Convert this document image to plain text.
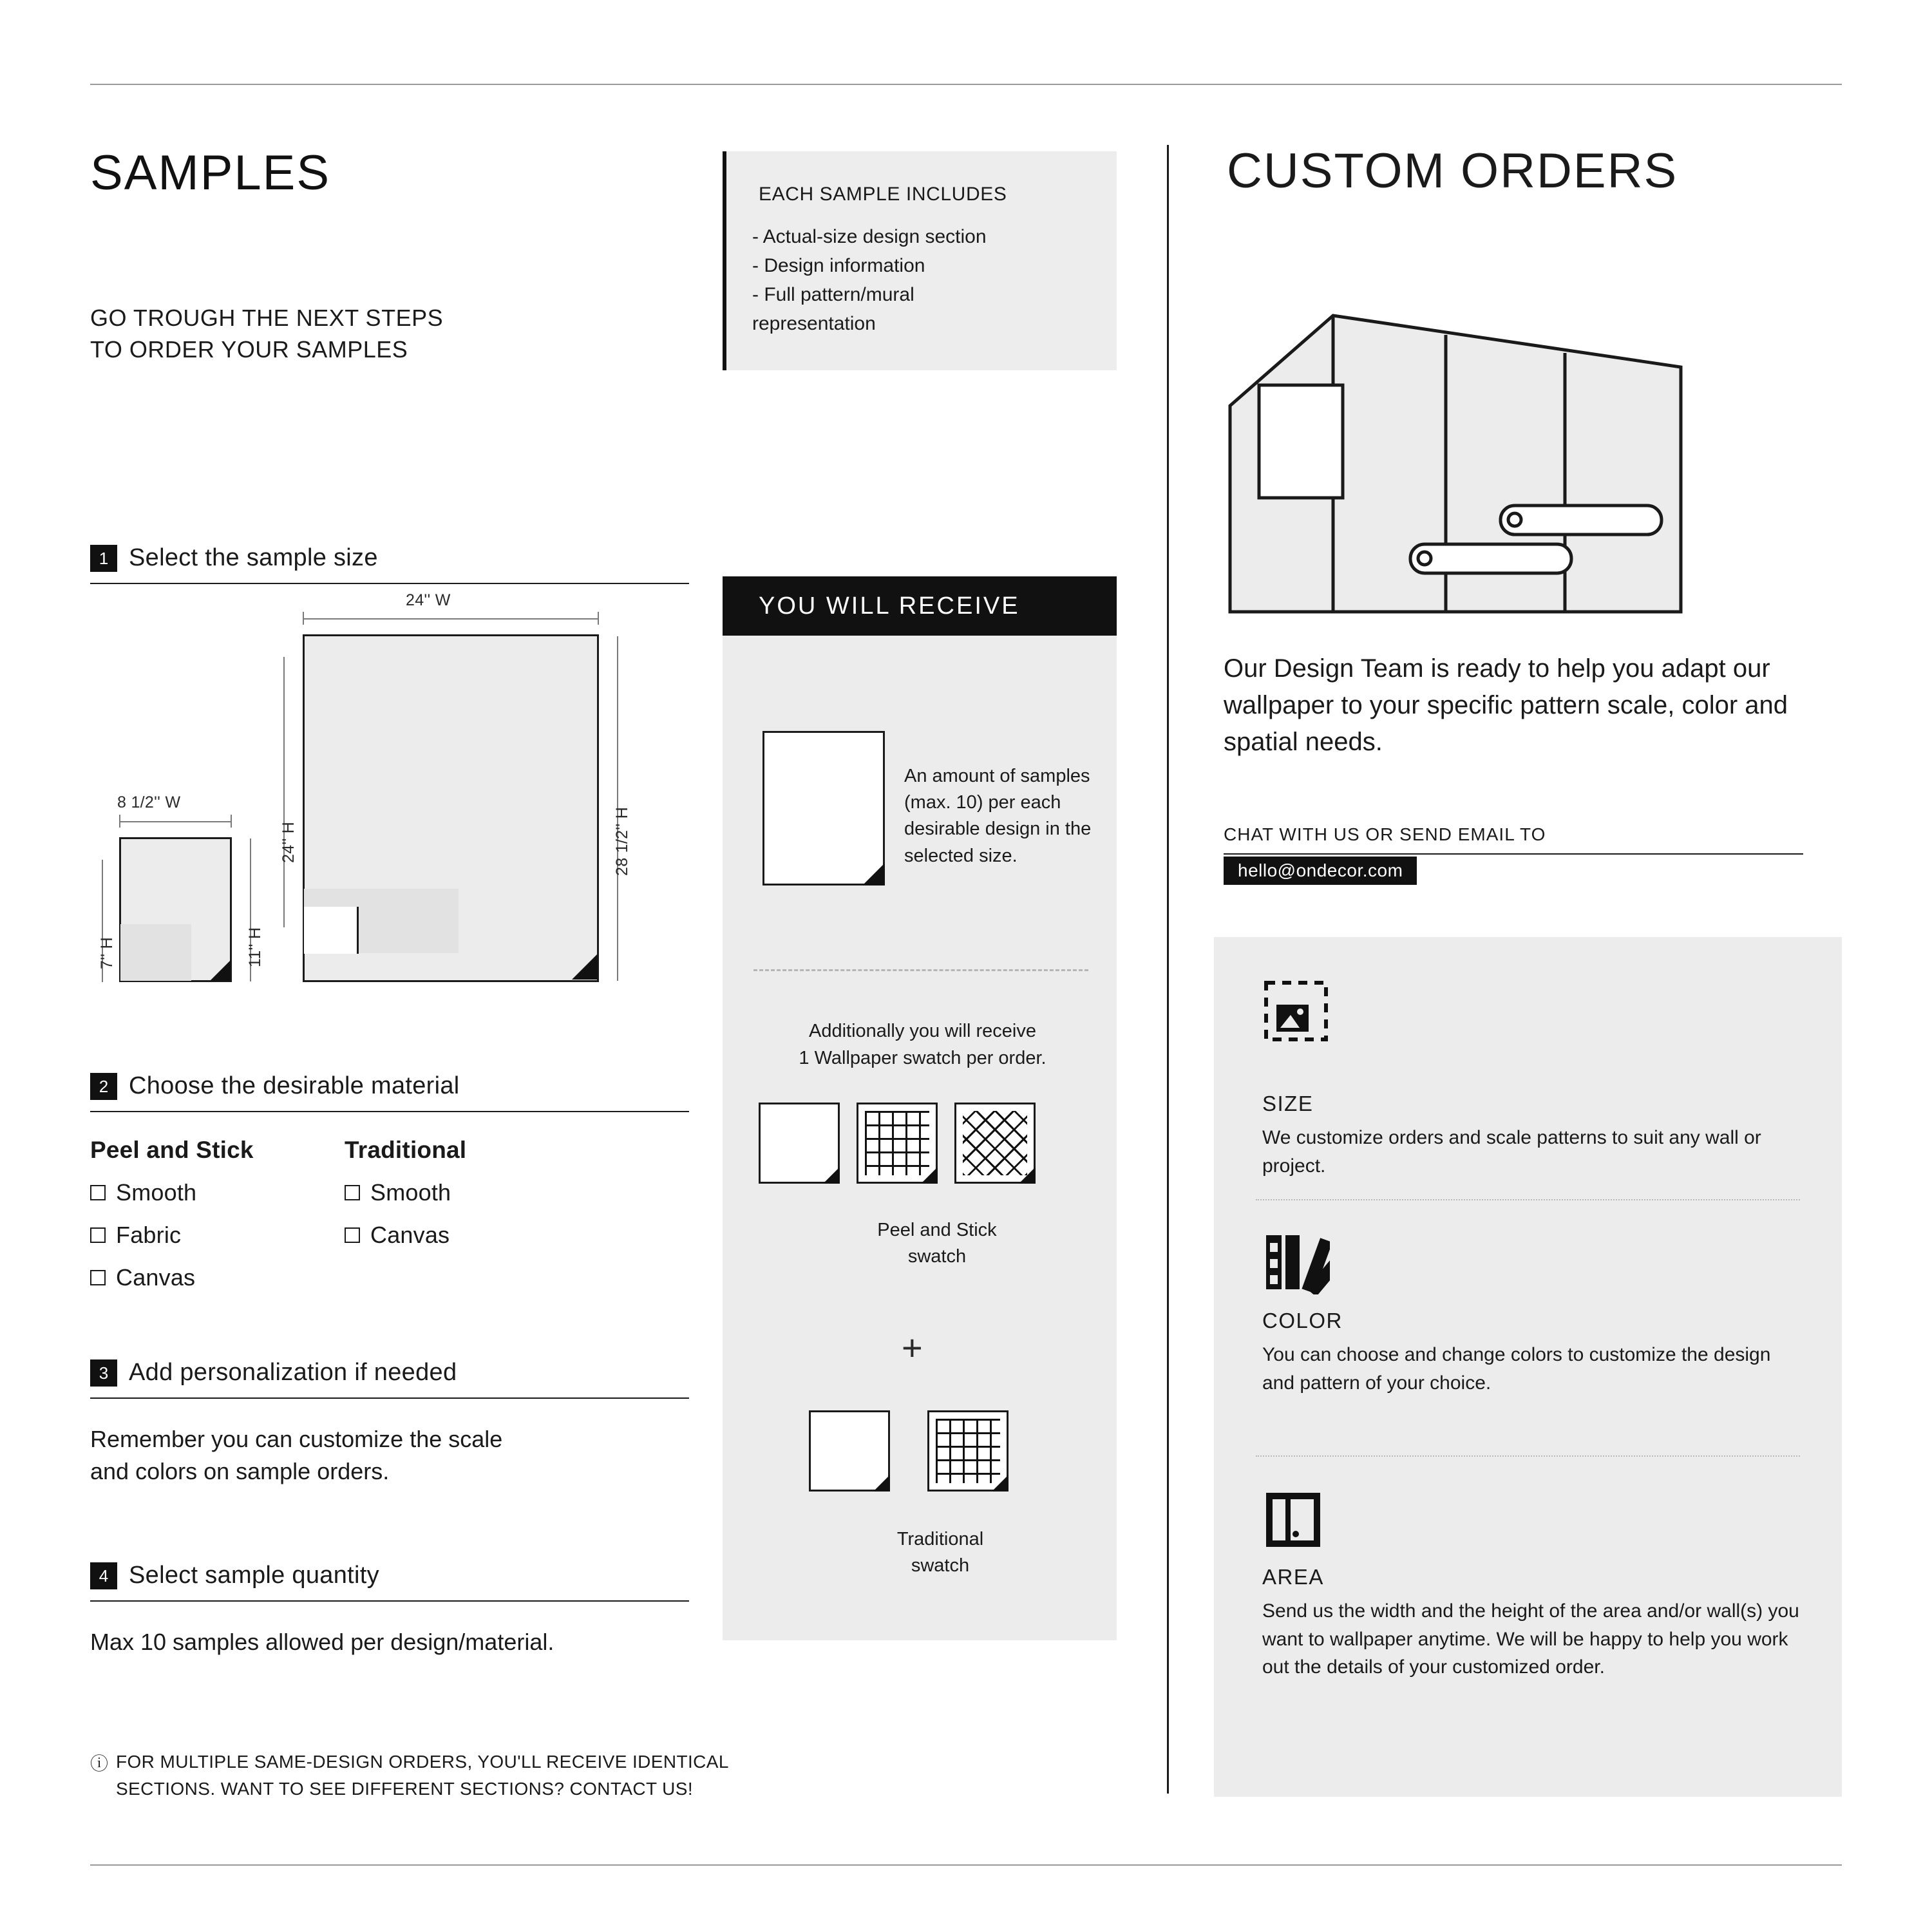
SAMPLES
GO TROUGH THE NEXT STEPS
TO ORDER YOUR SAMPLES
EACH SAMPLE INCLUDES
- Actual-size design section
- Design information
- Full pattern/mural
representation
1 Select the sample size
8 1/2'' W
7'' H	11'' H
24'' W
24'' H	28 1/2'' H
2 Choose the desirable material
Peel and Stick
Smooth
Fabric
Canvas
Traditional
Smooth
Canvas
3 Add personalization if needed
Remember you can customize the scale
and colors on sample orders.
4 Select sample quantity
Max 10 samples allowed per design/material.
ⓘ FOR MULTIPLE SAME-DESIGN ORDERS, YOU'LL RECEIVE IDENTICAL
SECTIONS. WANT TO SEE DIFFERENT SECTIONS? CONTACT US!
YOU WILL RECEIVE
An amount of samples (max. 10) per each desirable design in the selected size.
Additionally you will receive
1 Wallpaper swatch per order.
Peel and Stick
swatch
+
Traditional
swatch
CUSTOM ORDERS
Our Design Team is ready to help you adapt our wallpaper to your specific pattern scale, color and spatial needs.
CHAT WITH US OR SEND EMAIL TO
hello@ondecor.com
SIZE
We customize orders and scale patterns to suit any wall or project.
COLOR
You can choose and change colors to customize the design and pattern of your choice.
AREA
Send us the width and the height of the area and/or wall(s) you want to wallpaper anytime. We will be happy to help you work out the details of your customized order.
